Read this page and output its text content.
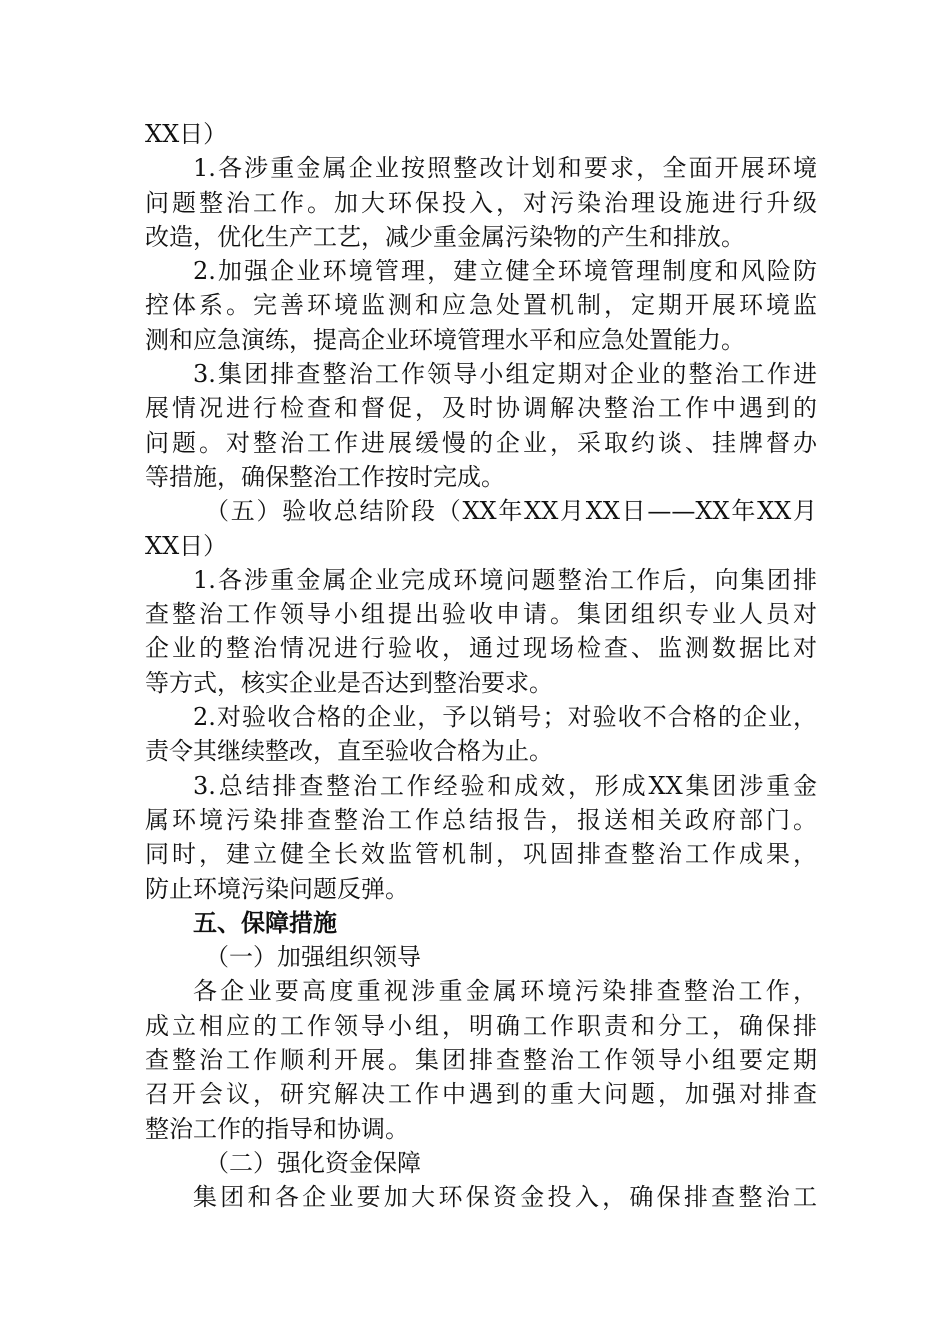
XX日）
1.各涉重金属企业按照整改计划和要求，全面开展环境
问题整治工作。加大环保投入，对污染治理设施进行升级
改造，优化生产工艺，减少重金属污染物的产生和排放。
2.加强企业环境管理，建立健全环境管理制度和风险防
控体系。完善环境监测和应急处置机制，定期开展环境监
测和应急演练，提高企业环境管理水平和应急处置能力。
3.集团排查整治工作领导小组定期对企业的整治工作进
展情况进行检查和督促，及时协调解决整治工作中遇到的
问题。对整治工作进展缓慢的企业，采取约谈、挂牌督办
等措施，确保整治工作按时完成。
（五）验收总结阶段（XX年XX月XX日——XX年XX月
XX日）
1.各涉重金属企业完成环境问题整治工作后，向集团排
查整治工作领导小组提出验收申请。集团组织专业人员对
企业的整治情况进行验收，通过现场检查、监测数据比对
等方式，核实企业是否达到整治要求。
2.对验收合格的企业，予以销号；对验收不合格的企业，
责令其继续整改，直至验收合格为止。
3.总结排查整治工作经验和成效，形成XX集团涉重金
属环境污染排查整治工作总结报告，报送相关政府部门。
同时，建立健全长效监管机制，巩固排查整治工作成果，
防止环境污染问题反弹。
五、保障措施
（一）加强组织领导
各企业要高度重视涉重金属环境污染排查整治工作，
成立相应的工作领导小组，明确工作职责和分工，确保排
查整治工作顺利开展。集团排查整治工作领导小组要定期
召开会议，研究解决工作中遇到的重大问题，加强对排查
整治工作的指导和协调。
（二）强化资金保障
集团和各企业要加大环保资金投入，确保排查整治工
